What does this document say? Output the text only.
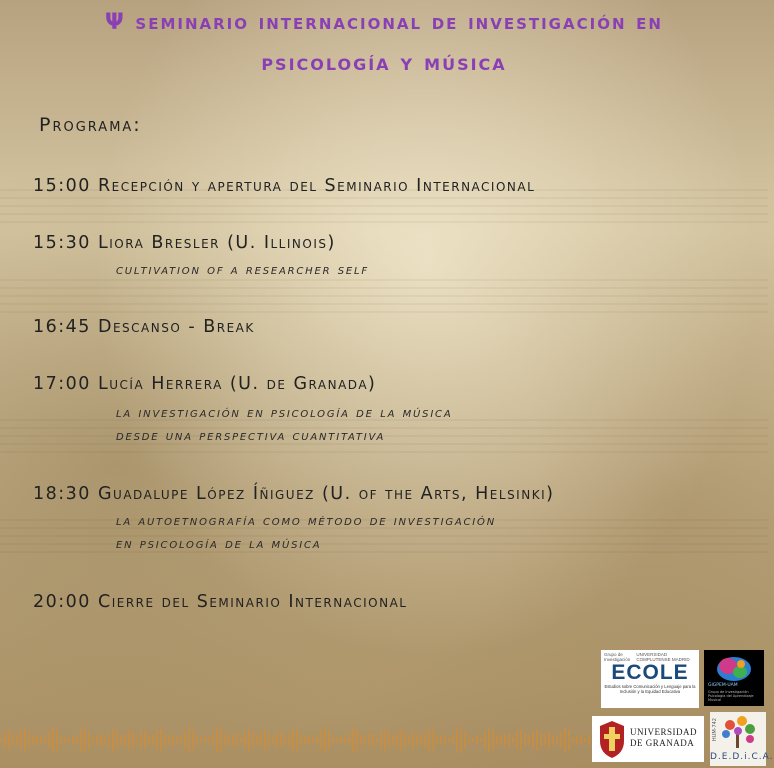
Ψ seminario internacional de investigación en
psicología y música
Programa:
15:00 Recepción y apertura del Seminario Internacional
15:30 Liora Bresler (U. Illinois)
cultivation of a researcher self
16:45 Descanso - Break
17:00 Lucía Herrera (U. de Granada)
la investigación en psicología de la música
desde una perspectiva cuantitativa
18:30 Guadalupe López Íñiguez (U. of the Arts, Helsinki)
la autoetnografía como método de investigación
en psicología de la música
20:00 Cierre del Seminario Internacional
Grupo de Investigación
UNIVERSIDAD COMPLUTENSE MADRID
ECOLE
Estudios sobre Comunicación y Lenguaje para la Inclusión y la Equidad Educativa
GIGPEM-UAM
Grupo de Investigación Psicología del Aprendizaje Musical
UNIVERSIDAD
DE GRANADA
HUM-742
D.E.D.i.C.A.
